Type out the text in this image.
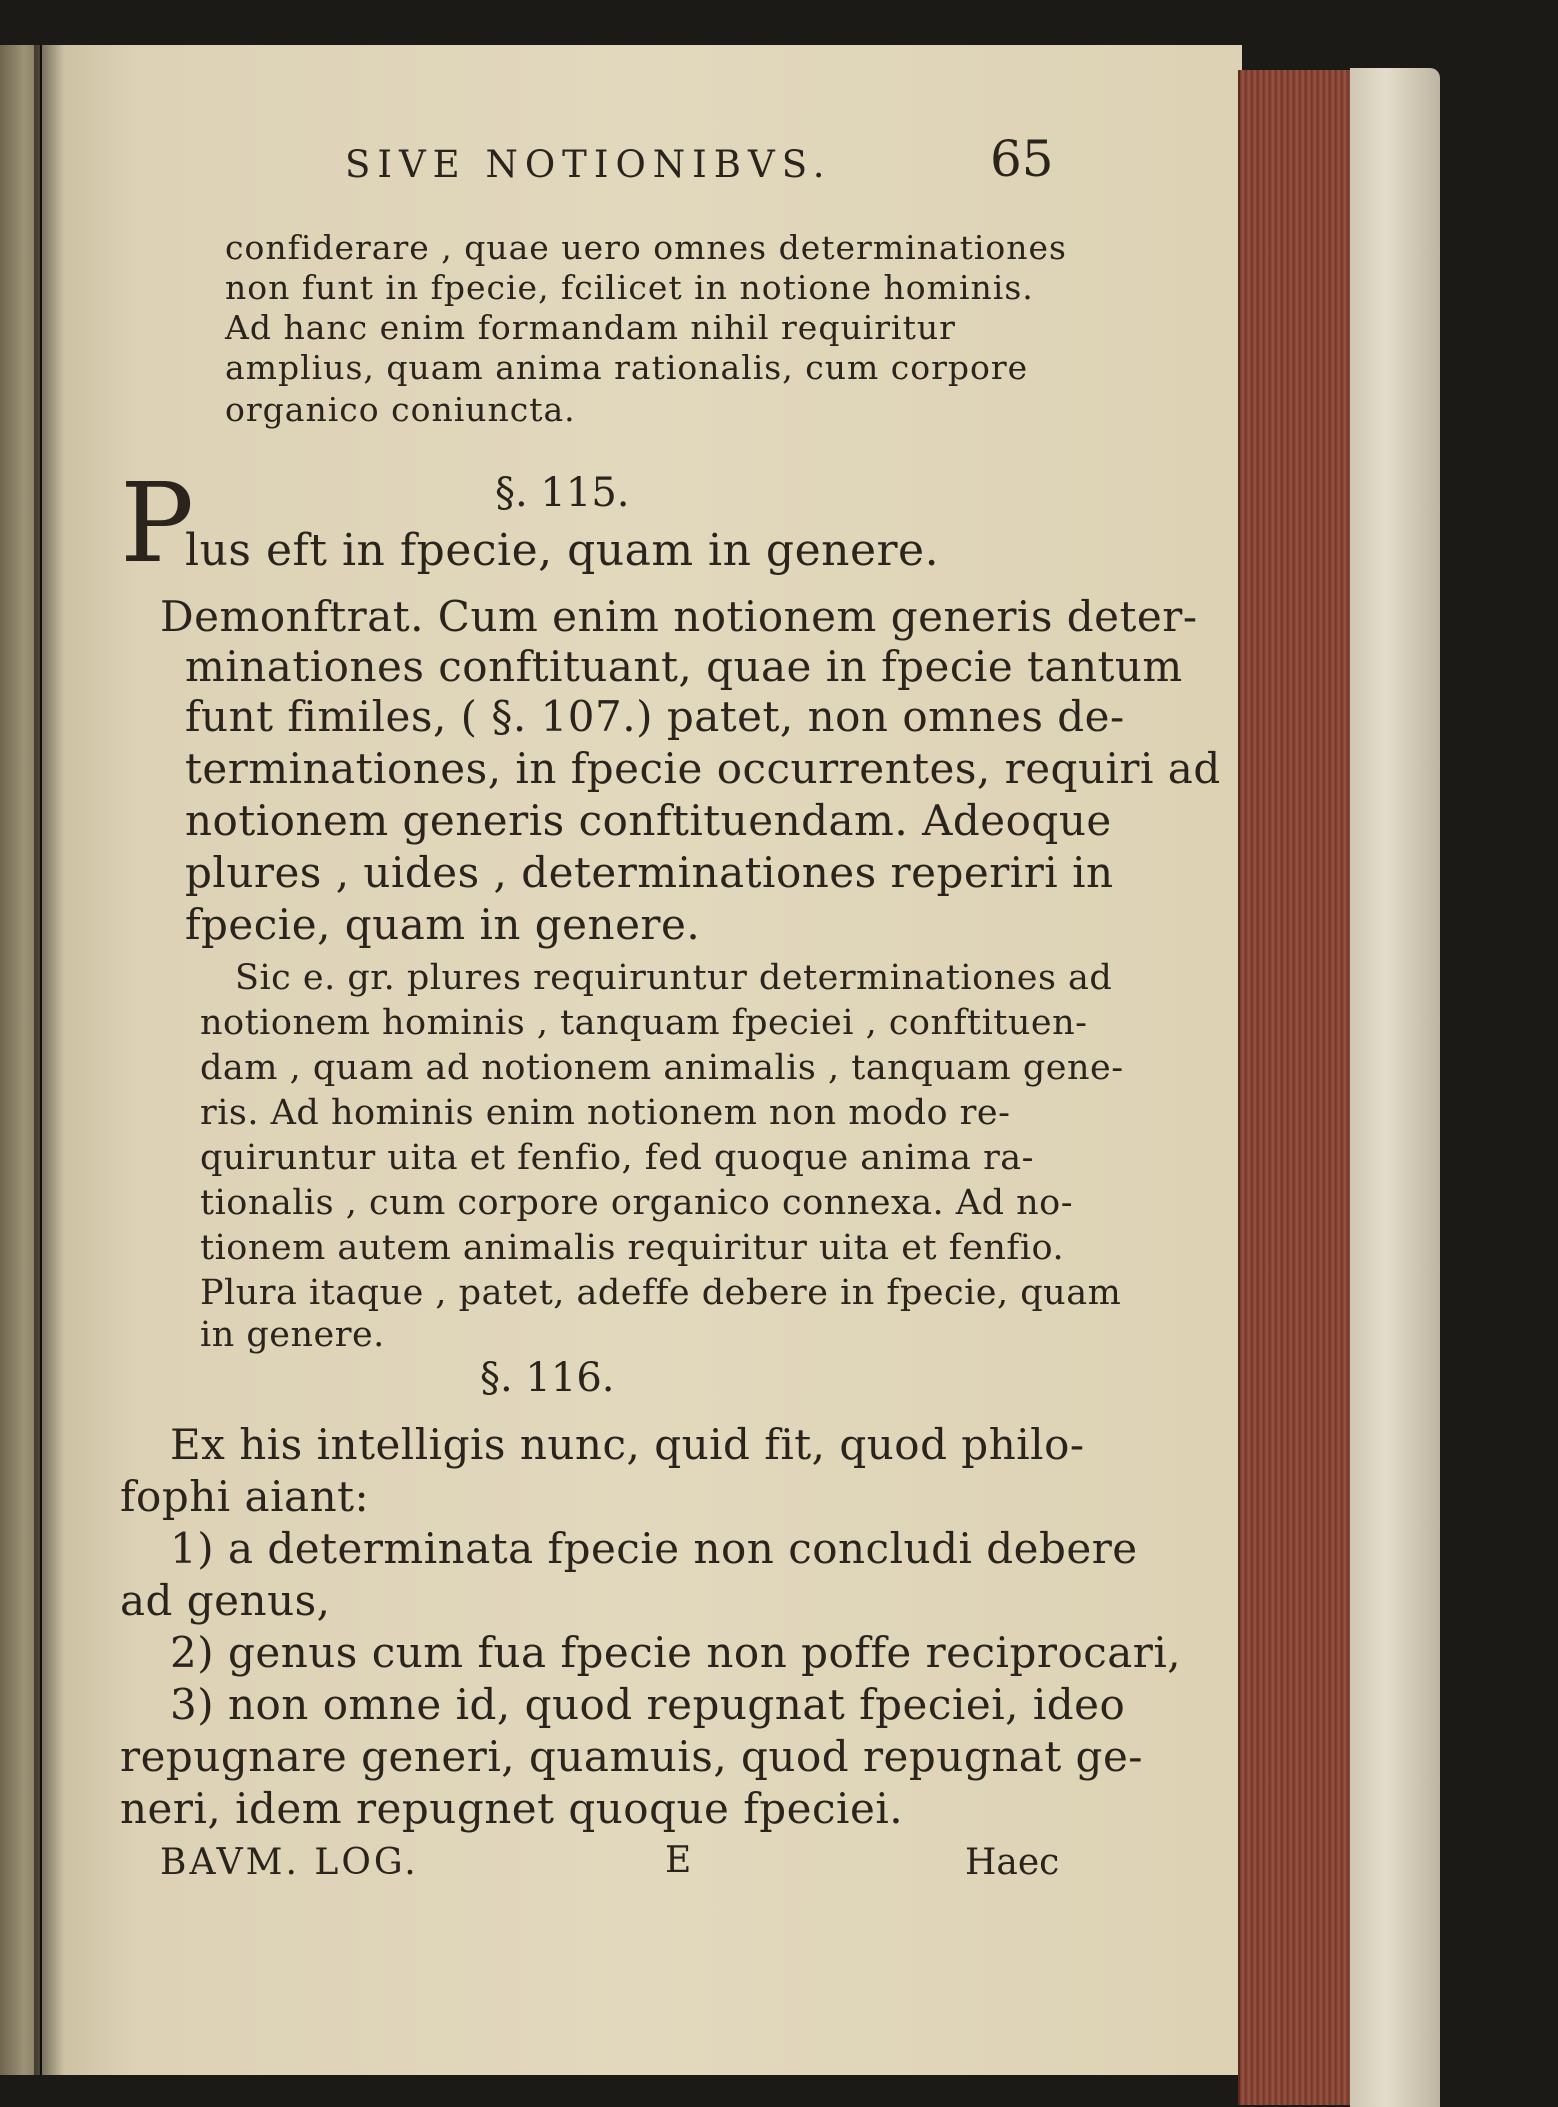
SIVE NOTIONIBVS.	65
confiderare , quae uero omnes determinationes
non funt in fpecie, fcilicet in notione hominis.
Ad hanc enim formandam nihil requiritur
amplius, quam anima rationalis, cum corpore
organico coniuncta.
§. 115.
P
lus eft in fpecie, quam in genere.
Demonftrat. Cum enim notionem generis deter-
minationes conftituant, quae in fpecie tantum
funt fimiles, ( §. 107.) patet, non omnes de-
terminationes, in fpecie occurrentes, requiri ad
notionem generis conftituendam. Adeoque
plures , uides , determinationes reperiri in
fpecie, quam in genere.
Sic e. gr. plures requiruntur determinationes ad
notionem hominis , tanquam fpeciei , conftituen-
dam , quam ad notionem animalis , tanquam gene-
ris. Ad hominis enim notionem non modo re-
quiruntur uita et fenfio, fed quoque anima ra-
tionalis , cum corpore organico connexa. Ad no-
tionem autem animalis requiritur uita et fenfio.
Plura itaque , patet, adeffe debere in fpecie, quam
in genere.
§. 116.
Ex his intelligis nunc, quid fit, quod philo-
fophi aiant:
1) a determinata fpecie non concludi debere
ad genus,
2) genus cum fua fpecie non poffe reciprocari,
3) non omne id, quod repugnat fpeciei, ideo
repugnare generi, quamuis, quod repugnat ge-
neri, idem repugnet quoque fpeciei.
BAVM. LOG.	E	Haec
